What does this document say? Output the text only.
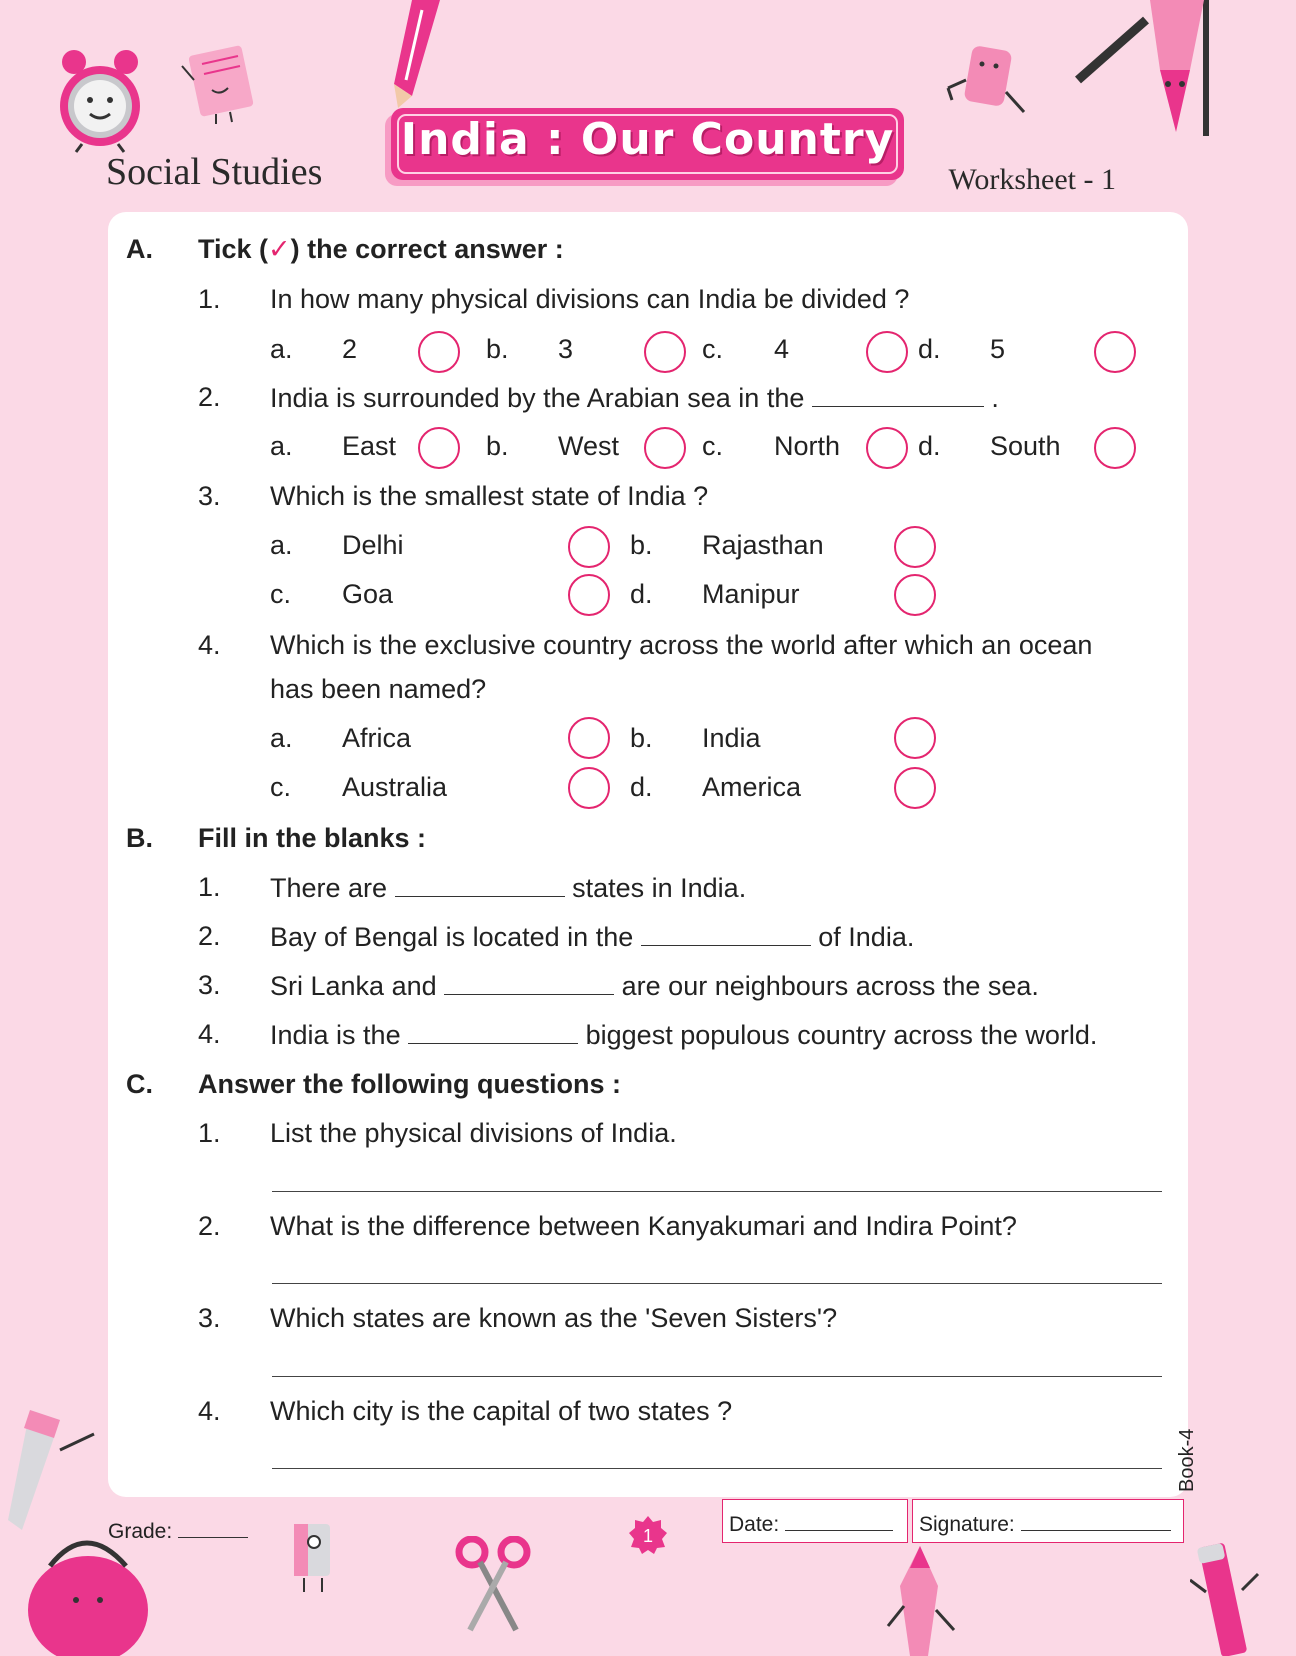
Social Studies
India : Our Country
Worksheet - 1
A. Tick (✓) the correct answer :
1. In how many physical divisions can India be divided ?
a. 2	b. 3	c. 4	d. 5
2. India is surrounded by the Arabian sea in the	.
a. East	b. West	c. North	d. South
3. Which is the smallest state of India ?
a. Delhi	b. Rajasthan
c. Goa	d. Manipur
4. Which is the exclusive country across the world after which an ocean
has been named?
a. Africa	b. India
c. Australia	d. America
B. Fill in the blanks :
1. There are	states in India.
2. Bay of Bengal is located in the	of India.
3. Sri Lanka and	are our neighbours across the sea.
4. India is the	biggest populous country across the world.
C. Answer the following questions :
1. List the physical divisions of India.
2. What is the difference between Kanyakumari and Indira Point?
3. Which states are known as the 'Seven Sisters'?
4. Which city is the capital of two states ?
Book-4
Grade:	1	Date:	Signature:
